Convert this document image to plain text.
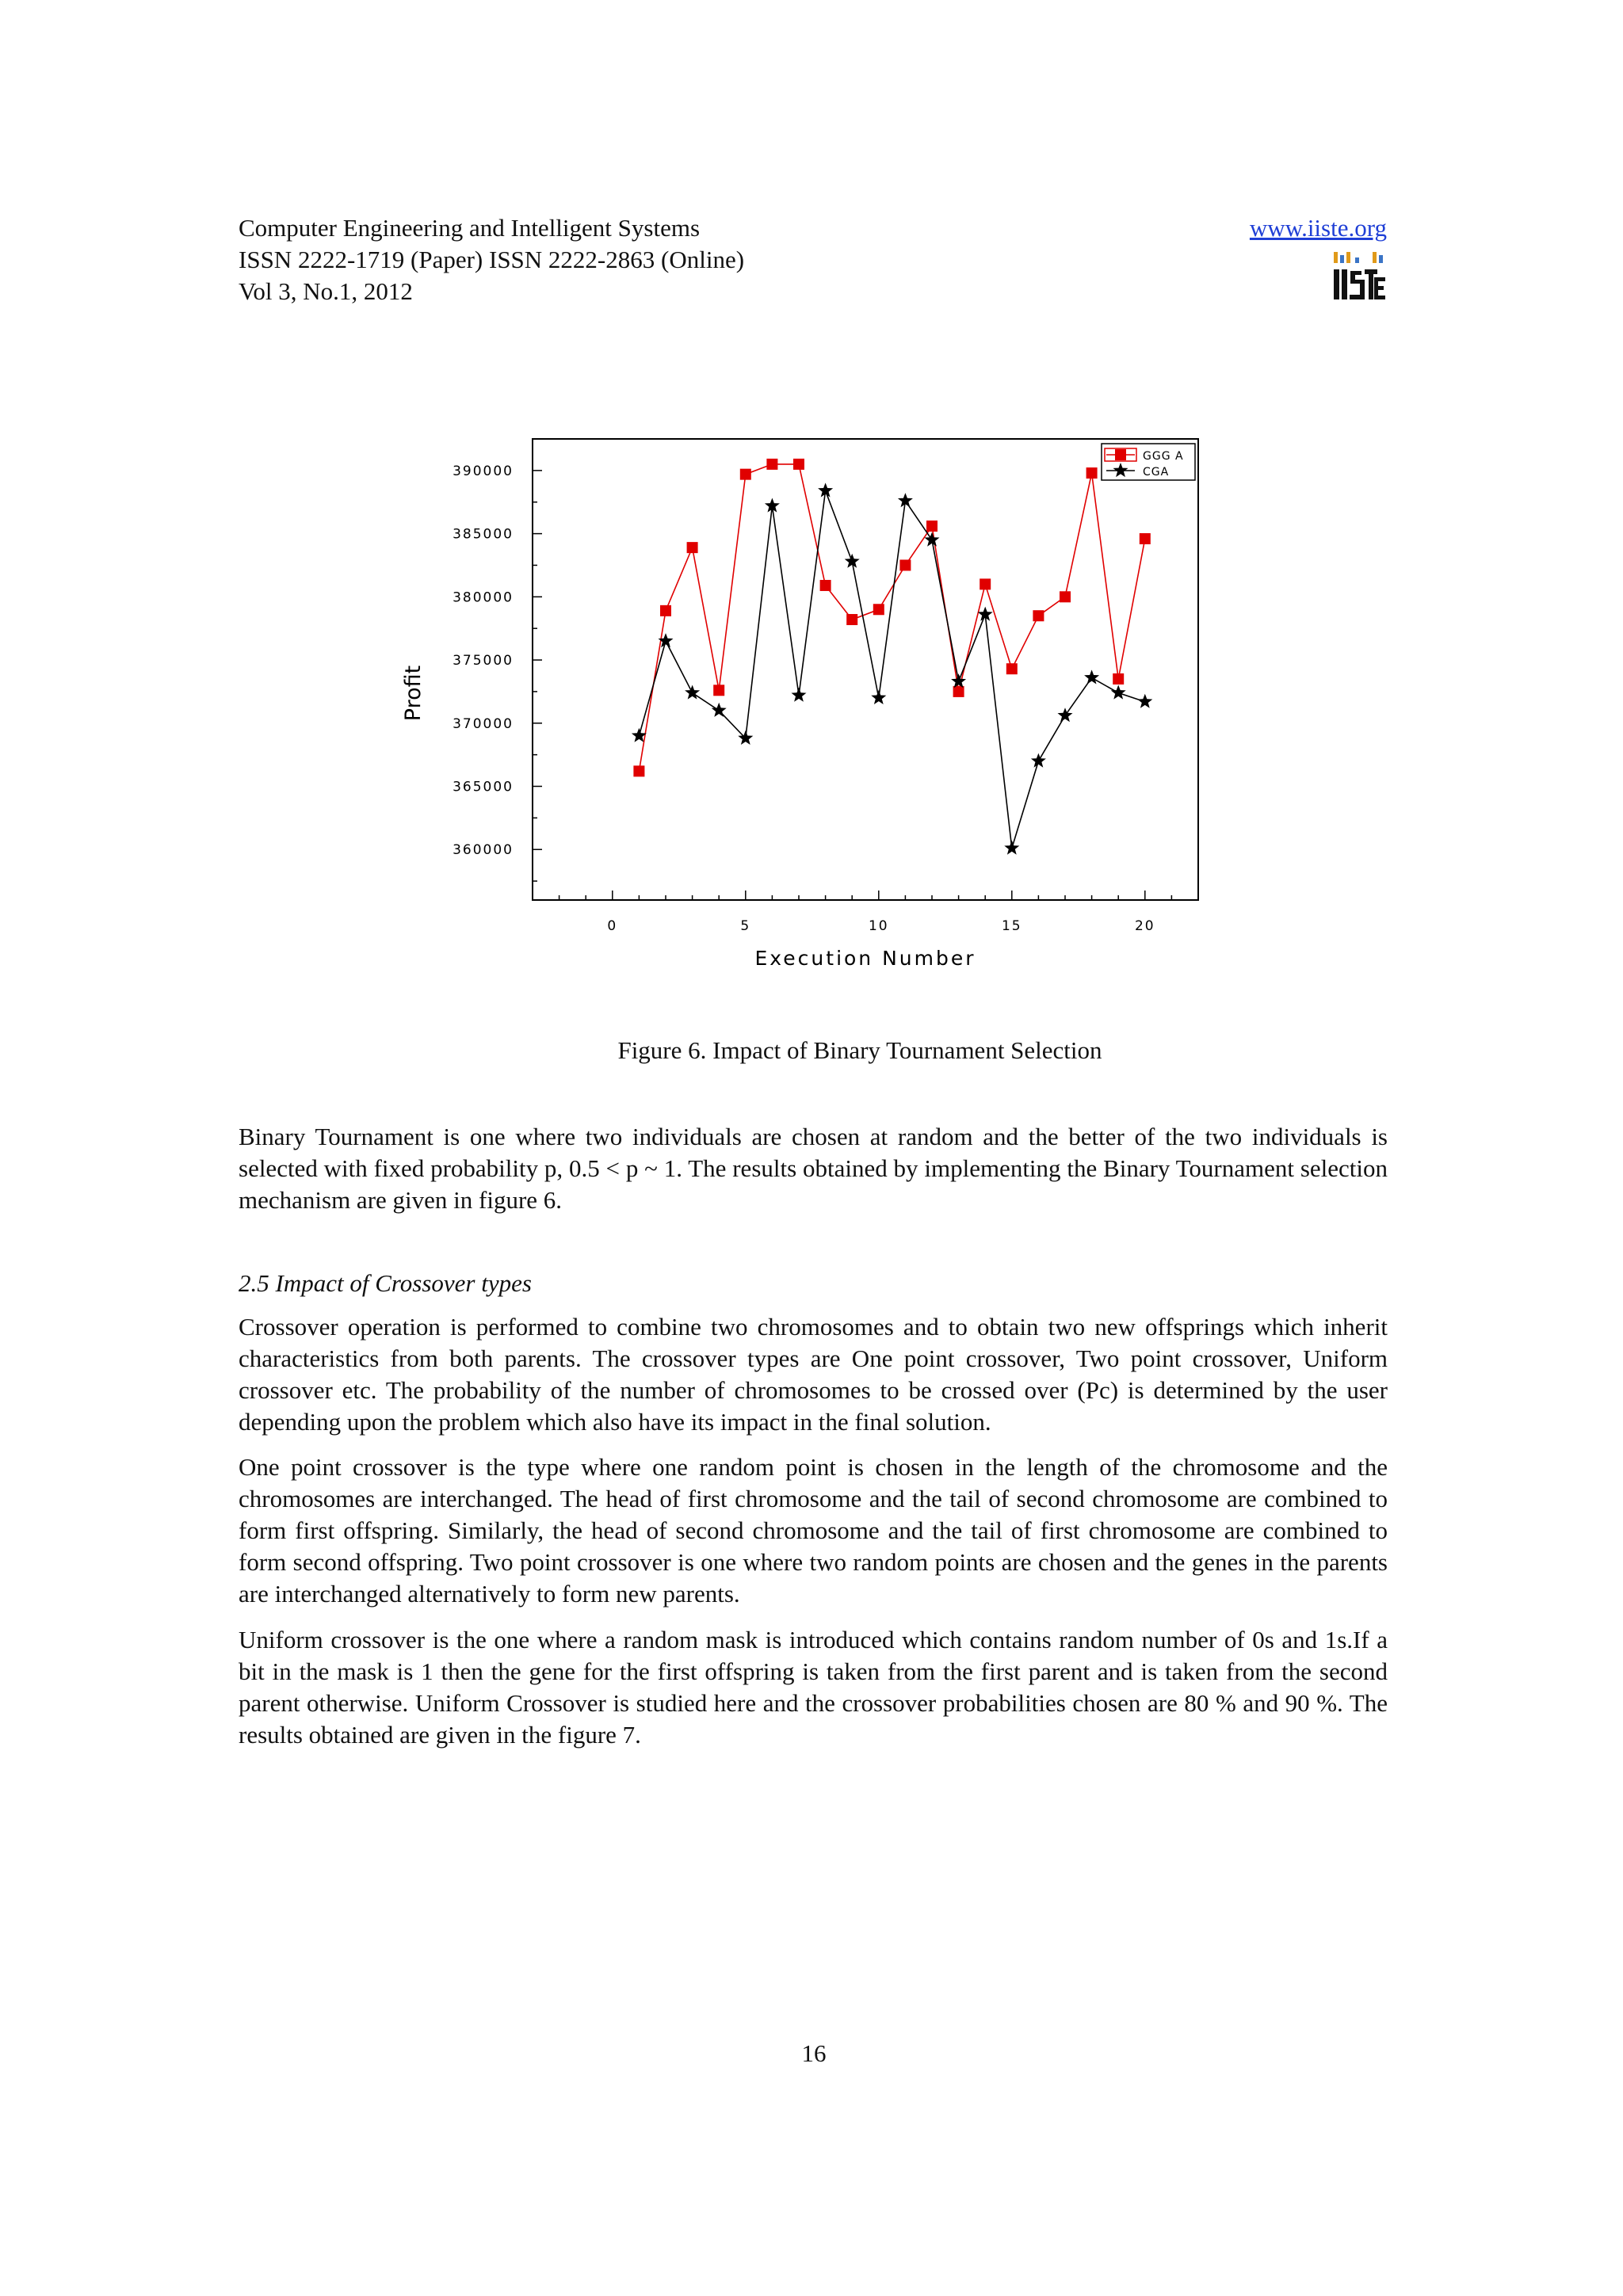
Computer Engineering and Intelligent Systems
ISSN 2222-1719 (Paper) ISSN 2222-2863 (Online)
Vol 3, No.1, 2012
www.iiste.org
0	5	10	15	20
360000
365000
370000
375000
380000
385000
390000
Execution Number
Profit
GGG A
CGA
Figure 6. Impact of Binary Tournament Selection

Binary Tournament is one where two individuals are chosen at random and the better of the two individuals is selected with fixed probability p, 0.5 < p ~ 1. The results obtained by implementing the Binary Tournament selection mechanism are given in figure 6.

2.5 Impact of Crossover types

Crossover operation is performed to combine two chromosomes and to obtain two new offsprings which inherit characteristics from both parents. The crossover types are One point crossover, Two point crossover, Uniform crossover etc. The probability of the number of chromosomes to be crossed over (Pc) is determined by the user depending upon the problem which also have its impact in the final solution.

One point crossover is the type where one random point is chosen in the length of the chromosome and the chromosomes are interchanged. The head of first chromosome and the tail of second chromosome are combined to form first offspring. Similarly, the head of second chromosome and the tail of first chromosome are combined to form second offspring. Two point crossover is one where two random points are chosen and the genes in the parents are interchanged alternatively to form new parents.

Uniform crossover is the one where a random mask is introduced which contains random number of 0s and 1s.If a bit in the mask is 1 then the gene for the first offspring is taken from the first parent and is taken from the second parent otherwise. Uniform Crossover is studied here and the crossover probabilities chosen are 80 % and 90 %. The results obtained are given in the figure 7.

16
